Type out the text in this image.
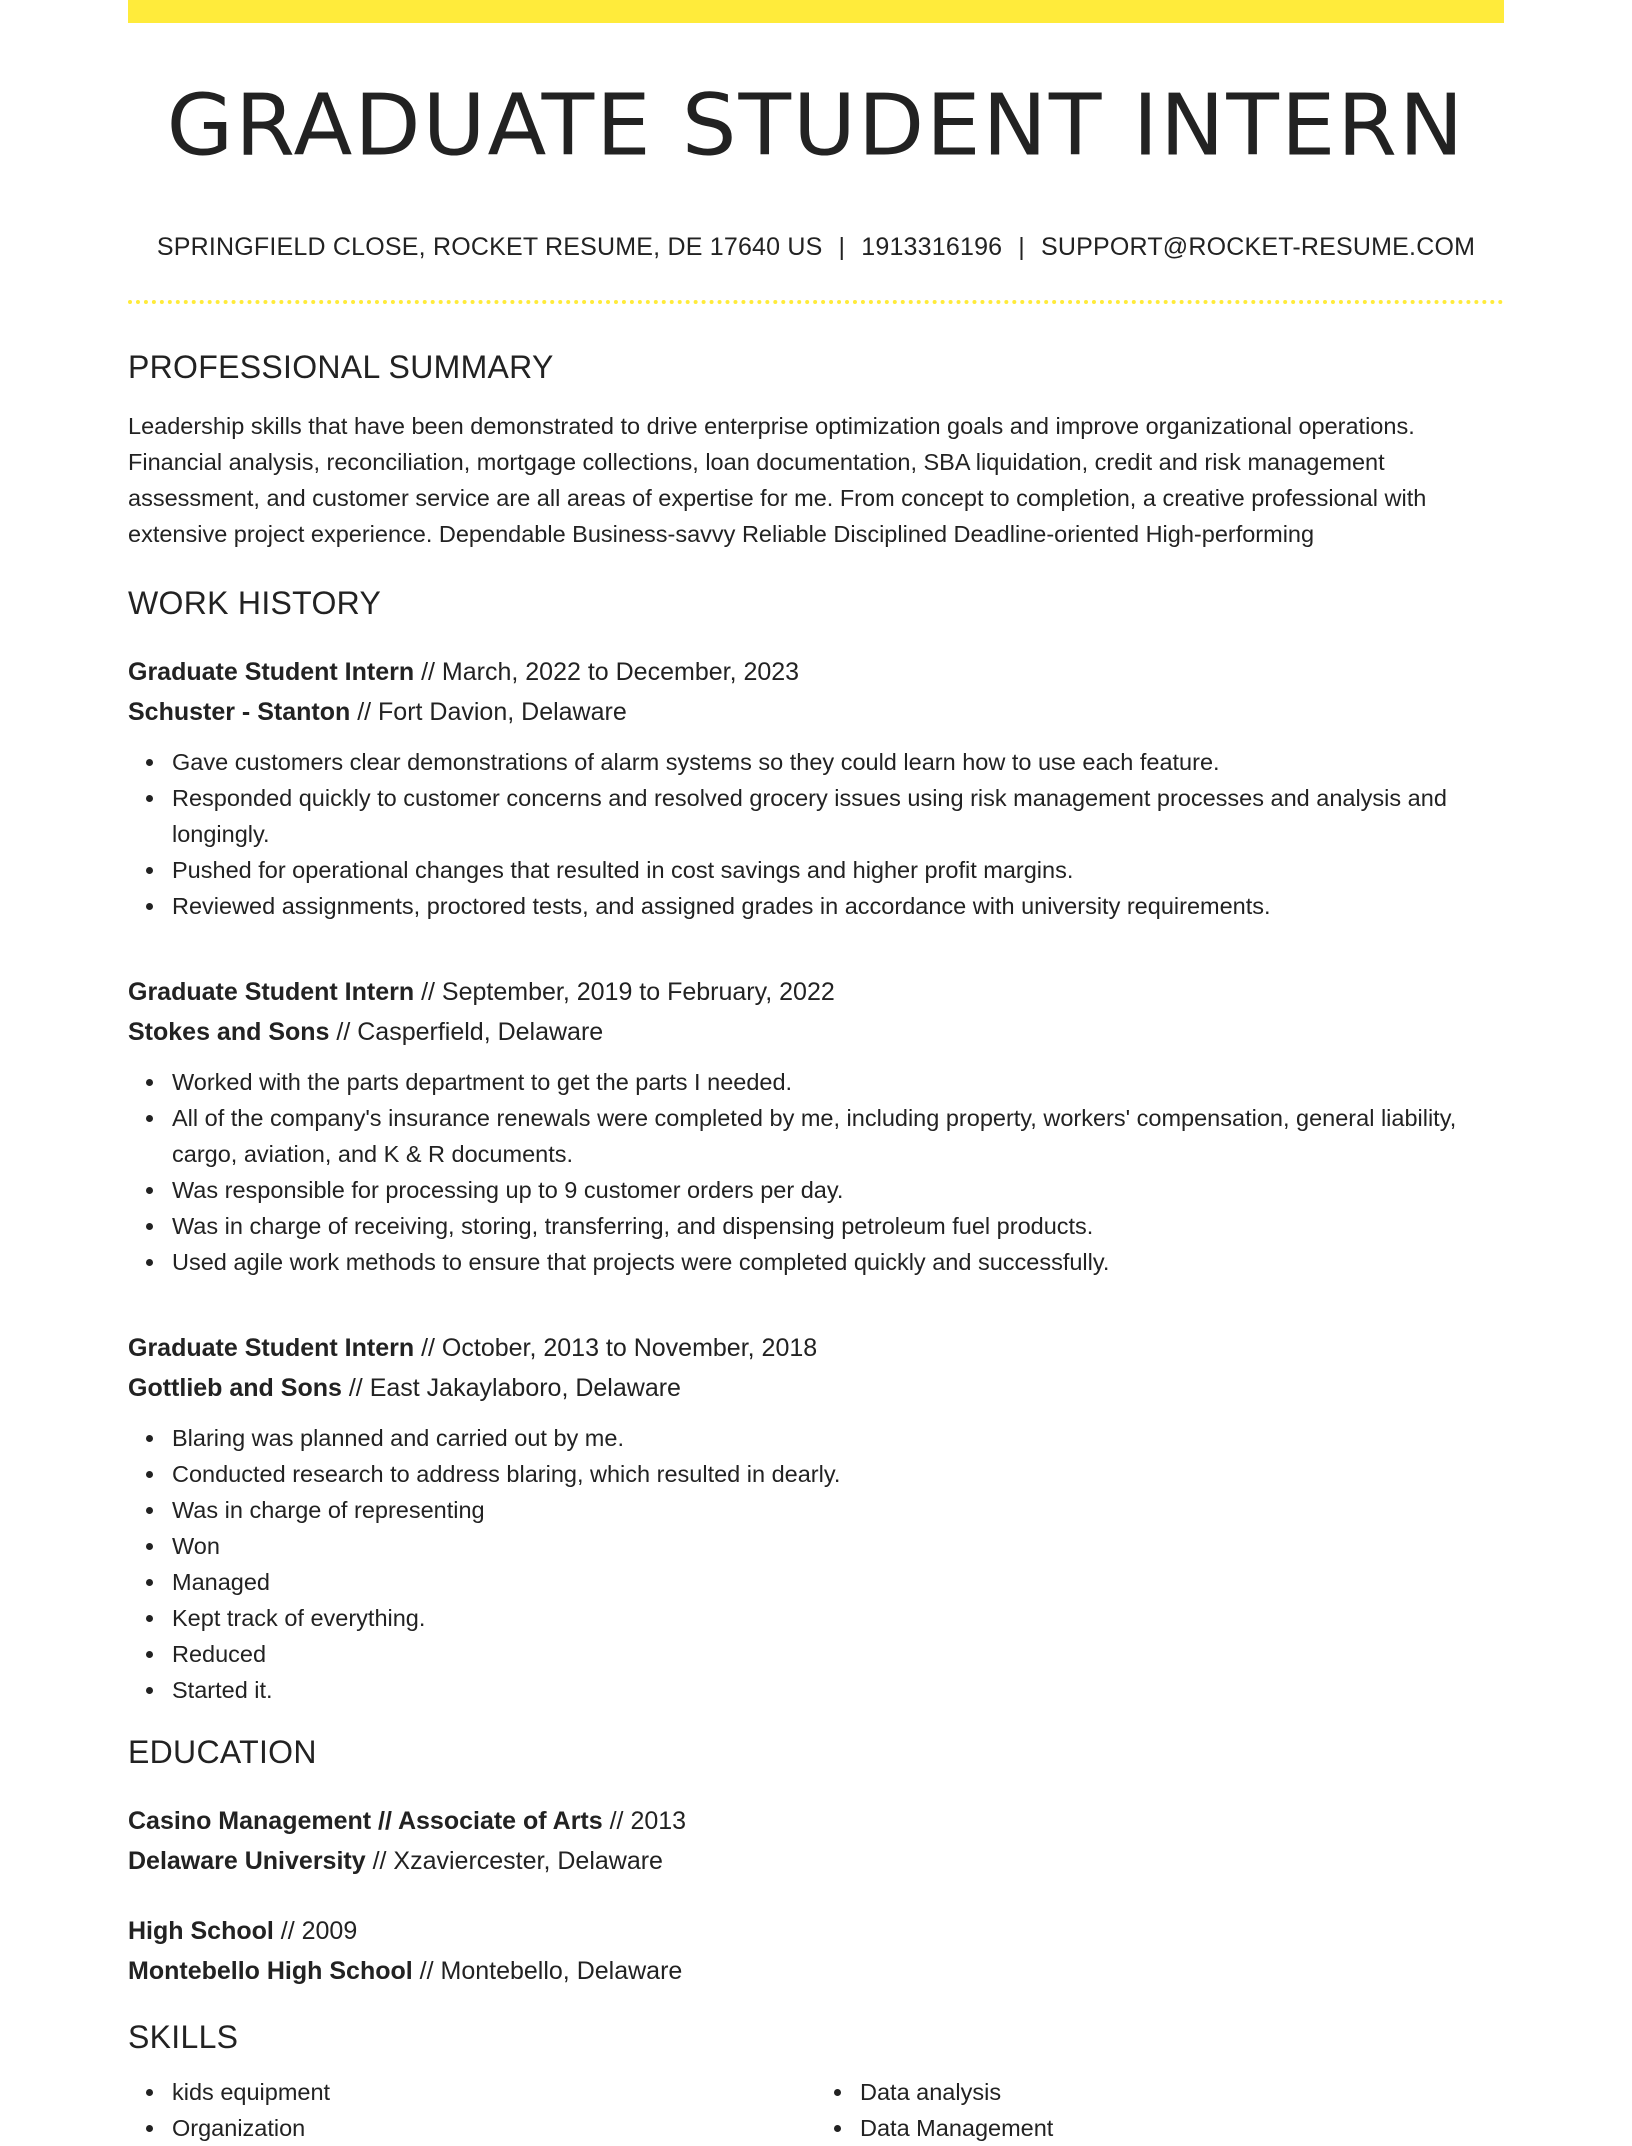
GRADUATE STUDENT INTERN
SPRINGFIELD CLOSE, ROCKET RESUME, DE 17640 US | 1913316196 | SUPPORT@ROCKET-RESUME.COM
PROFESSIONAL SUMMARY
Leadership skills that have been demonstrated to drive enterprise optimization goals and improve organizational operations. Financial analysis, reconciliation, mortgage collections, loan documentation, SBA liquidation, credit and risk management assessment, and customer service are all areas of expertise for me. From concept to completion, a creative professional with extensive project experience. Dependable Business-savvy Reliable Disciplined Deadline-oriented High-performing
WORK HISTORY
Graduate Student Intern // March, 2022 to December, 2023
Schuster - Stanton // Fort Davion, Delaware
Gave customers clear demonstrations of alarm systems so they could learn how to use each feature.
Responded quickly to customer concerns and resolved grocery issues using risk management processes and analysis and longingly.
Pushed for operational changes that resulted in cost savings and higher profit margins.
Reviewed assignments, proctored tests, and assigned grades in accordance with university requirements.
Graduate Student Intern // September, 2019 to February, 2022
Stokes and Sons // Casperfield, Delaware
Worked with the parts department to get the parts I needed.
All of the company's insurance renewals were completed by me, including property, workers' compensation, general liability, cargo, aviation, and K & R documents.
Was responsible for processing up to 9 customer orders per day.
Was in charge of receiving, storing, transferring, and dispensing petroleum fuel products.
Used agile work methods to ensure that projects were completed quickly and successfully.
Graduate Student Intern // October, 2013 to November, 2018
Gottlieb and Sons // East Jakaylaboro, Delaware
Blaring was planned and carried out by me.
Conducted research to address blaring, which resulted in dearly.
Was in charge of representing
Won
Managed
Kept track of everything.
Reduced
Started it.
EDUCATION
Casino Management // Associate of Arts // 2013
Delaware University // Xzaviercester, Delaware
High School // 2009
Montebello High School // Montebello, Delaware
SKILLS
kids equipment
Organization
Data analysis
Data Management
